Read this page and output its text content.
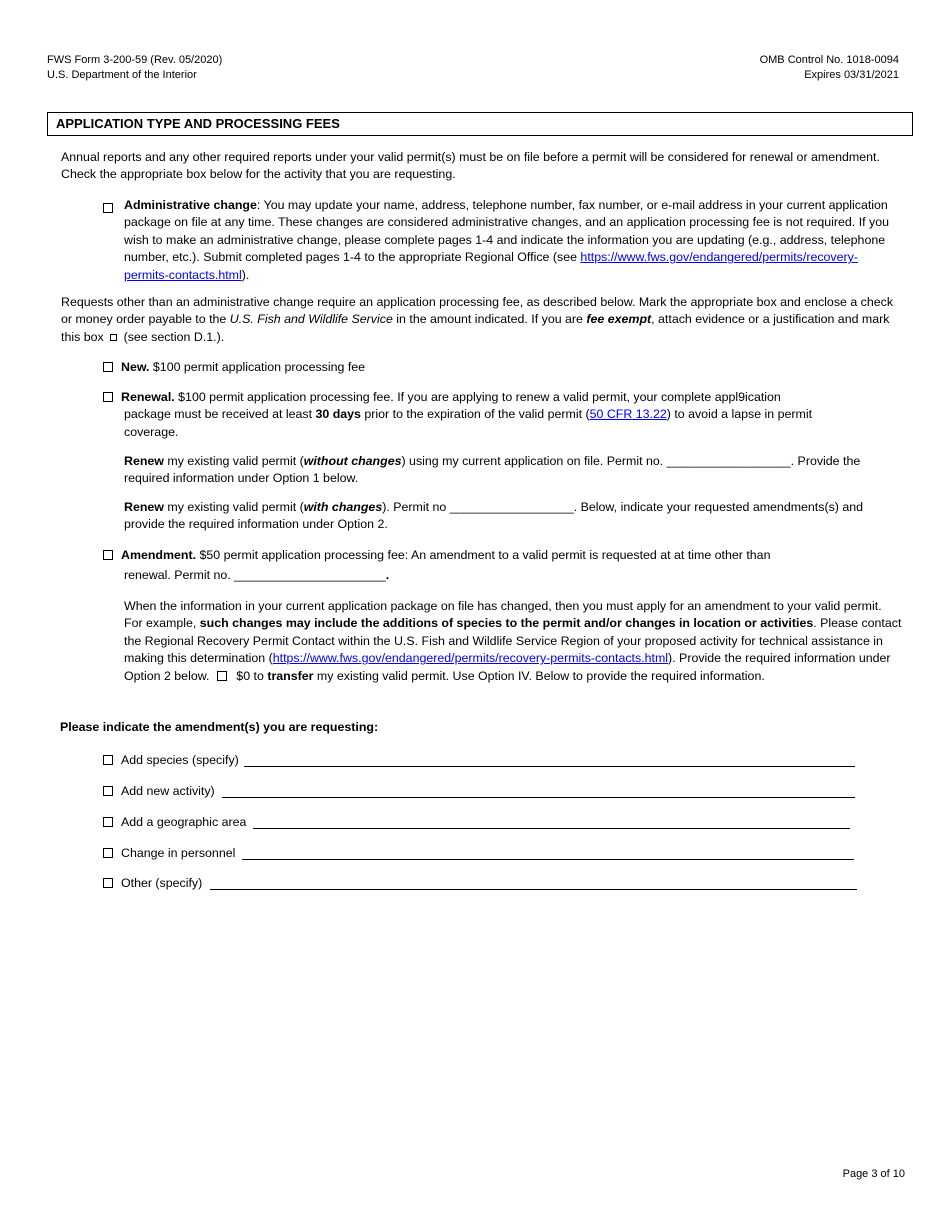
FWS Form 3-200-59 (Rev. 05/2020)
U.S. Department of the Interior
OMB Control No. 1018-0094
Expires 03/31/2021
APPLICATION TYPE AND PROCESSING FEES
Annual reports and any other required reports under your valid permit(s) must be on file before a permit will be considered for renewal or amendment. Check the appropriate box below for the activity that you are requesting.
Administrative change: You may update your name, address, telephone number, fax number, or e-mail address in your current application package on file at any time. These changes are considered administrative changes, and an application processing fee is not required. If you wish to make an administrative change, please complete pages 1-4 and indicate the information you are updating (e.g., address, telephone number, etc.). Submit completed pages 1-4 to the appropriate Regional Office (see https://www.fws.gov/endangered/permits/recovery-permits-contacts.html).
Requests other than an administrative change require an application processing fee, as described below. Mark the appropriate box and enclose a check or money order payable to the U.S. Fish and Wildlife Service in the amount indicated. If you are fee exempt, attach evidence or a justification and mark this box  (see section D.1.).
New. $100 permit application processing fee
Renewal. $100 permit application processing fee. If you are applying to renew a valid permit, your complete appl9ication
package must be received at least 30 days prior to the expiration of the valid permit (50 CFR 13.22) to avoid a lapse in permit
coverage.
Renew my existing valid permit (without changes) using my current application on file. Permit no. __________________. Provide the required information under Option 1 below.
Renew my existing valid permit (with changes). Permit no __________________. Below, indicate your requested amendments(s) and provide the required information under Option 2.
Amendment. $50 permit application processing fee: An amendment to a valid permit is requested at at time other than
renewal. Permit no. ______________________.
When the information in your current application package on file has changed, then you must apply for an amendment to your valid permit. For example, such changes may include the additions of species to the permit and/or changes in location or activities. Please contact the Regional Recovery Permit Contact within the U.S. Fish and Wildlife Service Region of your proposed activity for technical assistance in making this determination (https://www.fws.gov/endangered/permits/recovery-permits-contacts.html). Provide the required information under Option 2 below.  $0 to transfer my existing valid permit. Use Option IV. Below to provide the required information.
Please indicate the amendment(s) you are requesting:
Add species (specify)
Add new activity)
Add a geographic area
Change in personnel
Other (specify)
Page 3 of 10
